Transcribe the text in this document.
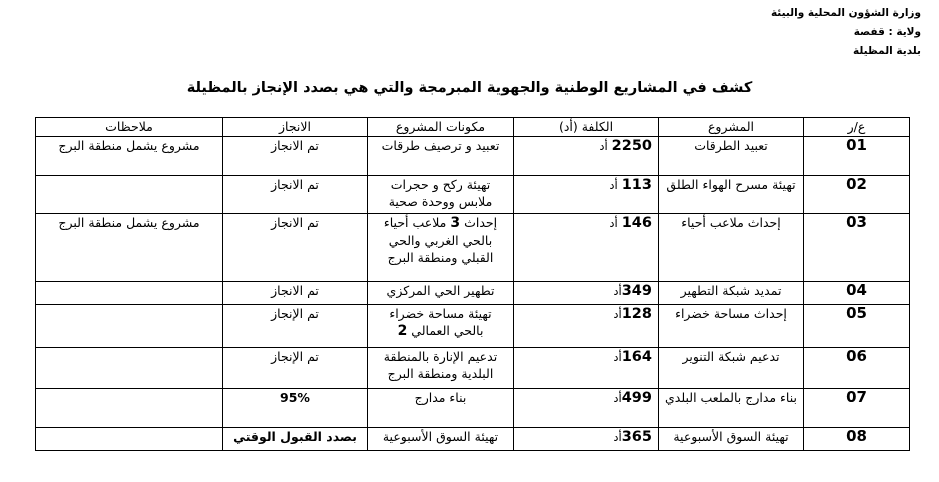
وزارة الشؤون المحلية والبيئة
ولاية : قفصة
بلدية المظيلة
كشف في المشاريع الوطنية والجهوية المبرمجة والتي هي بصدد الإنجاز بالمظيلة
ع/ر	المشروع	الكلفة (أد)	مكونات المشروع	الانجاز	ملاحظات
01	تعبيد الطرقات	2250 أد	تعبيد و ترصيف طرقات	تم الانجاز	مشروع يشمل منطقة البرج
02	تهيئة مسرح الهواء الطلق	113 أد	تهيئة ركح و حجرات ملابس ووحدة صحية	تم الانجاز	
03	إحداث ملاعب أحياء	146 أد	إحداث 3 ملاعب أحياء بالحي الغربي والحي القبلي ومنطقة البرج	تم الانجاز	مشروع يشمل منطقة البرج
04	تمديد شبكة التطهير	349أد	تطهير الحي المركزي	تم الانجاز	
05	إحداث مساحة خضراء	128أد	تهيئة مساحة خضراء بالحي العمالي 2	تم الإنجاز	
06	تدعيم شبكة التنوير	164أد	تدعيم الإنارة بالمنطقة البلدية ومنطقة البرج	تم الإنجاز	
07	بناء مدارج بالملعب البلدي	499أد	بناء مدارج	95%	
08	تهيئة السوق الأسبوعية	365أد	تهيئة السوق الأسبوعية	بصدد القبول الوقتي	
